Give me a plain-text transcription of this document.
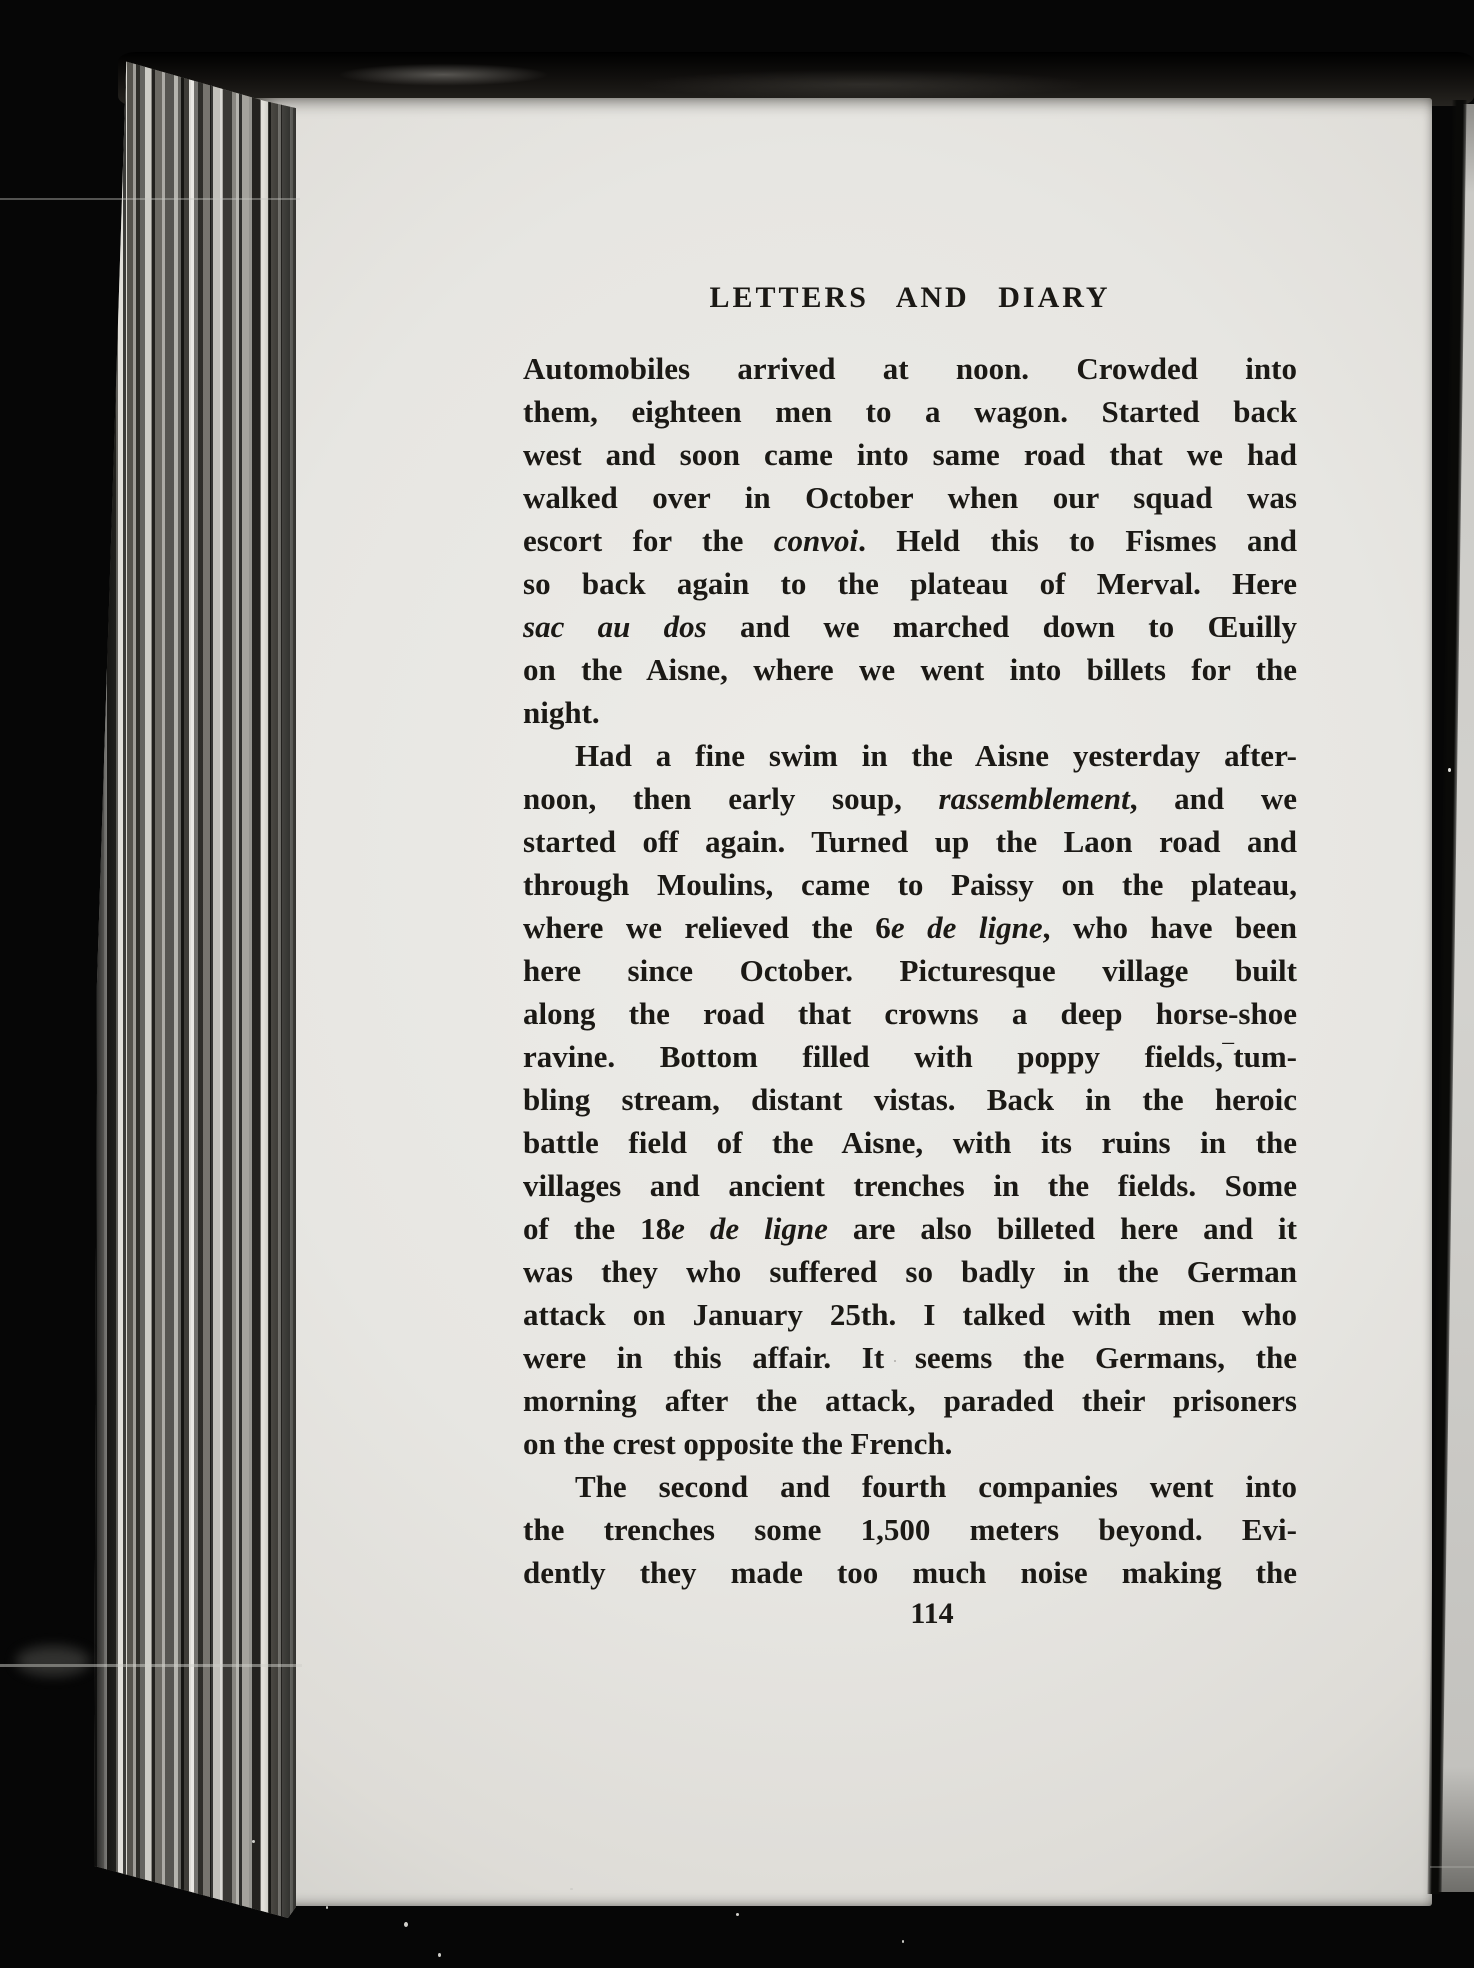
LETTERS AND DIARY
Automobiles arrived at noon. Crowded into
them, eighteen men to a wagon. Started back
west and soon came into same road that we had
walked over in October when our squad was
escort for the convoi. Held this to Fismes and
so back again to the plateau of Merval. Here
sac au dos and we marched down to Œuilly
on the Aisne, where we went into billets for the
night.
Had a fine swim in the Aisne yesterday after-
noon, then early soup, rassemblement, and we
started off again. Turned up the Laon road and
through Moulins, came to Paissy on the plateau,
where we relieved the 6e de ligne, who have been
here since October. Picturesque village built
along the road that crowns a deep horse-shoe
ravine. Bottom filled with poppy fields,‾tum-
bling stream, distant vistas. Back in the heroic
battle field of the Aisne, with its ruins in the
villages and ancient trenches in the fields. Some
of the 18e de ligne are also billeted here and it
was they who suffered so badly in the German
attack on January 25th. I talked with men who
were in this affair. It seems the Germans, the
morning after the attack, paraded their prisoners
on the crest opposite the French.
The second and fourth companies went into
the trenches some 1,500 meters beyond. Evi-
dently they made too much noise making the
114
